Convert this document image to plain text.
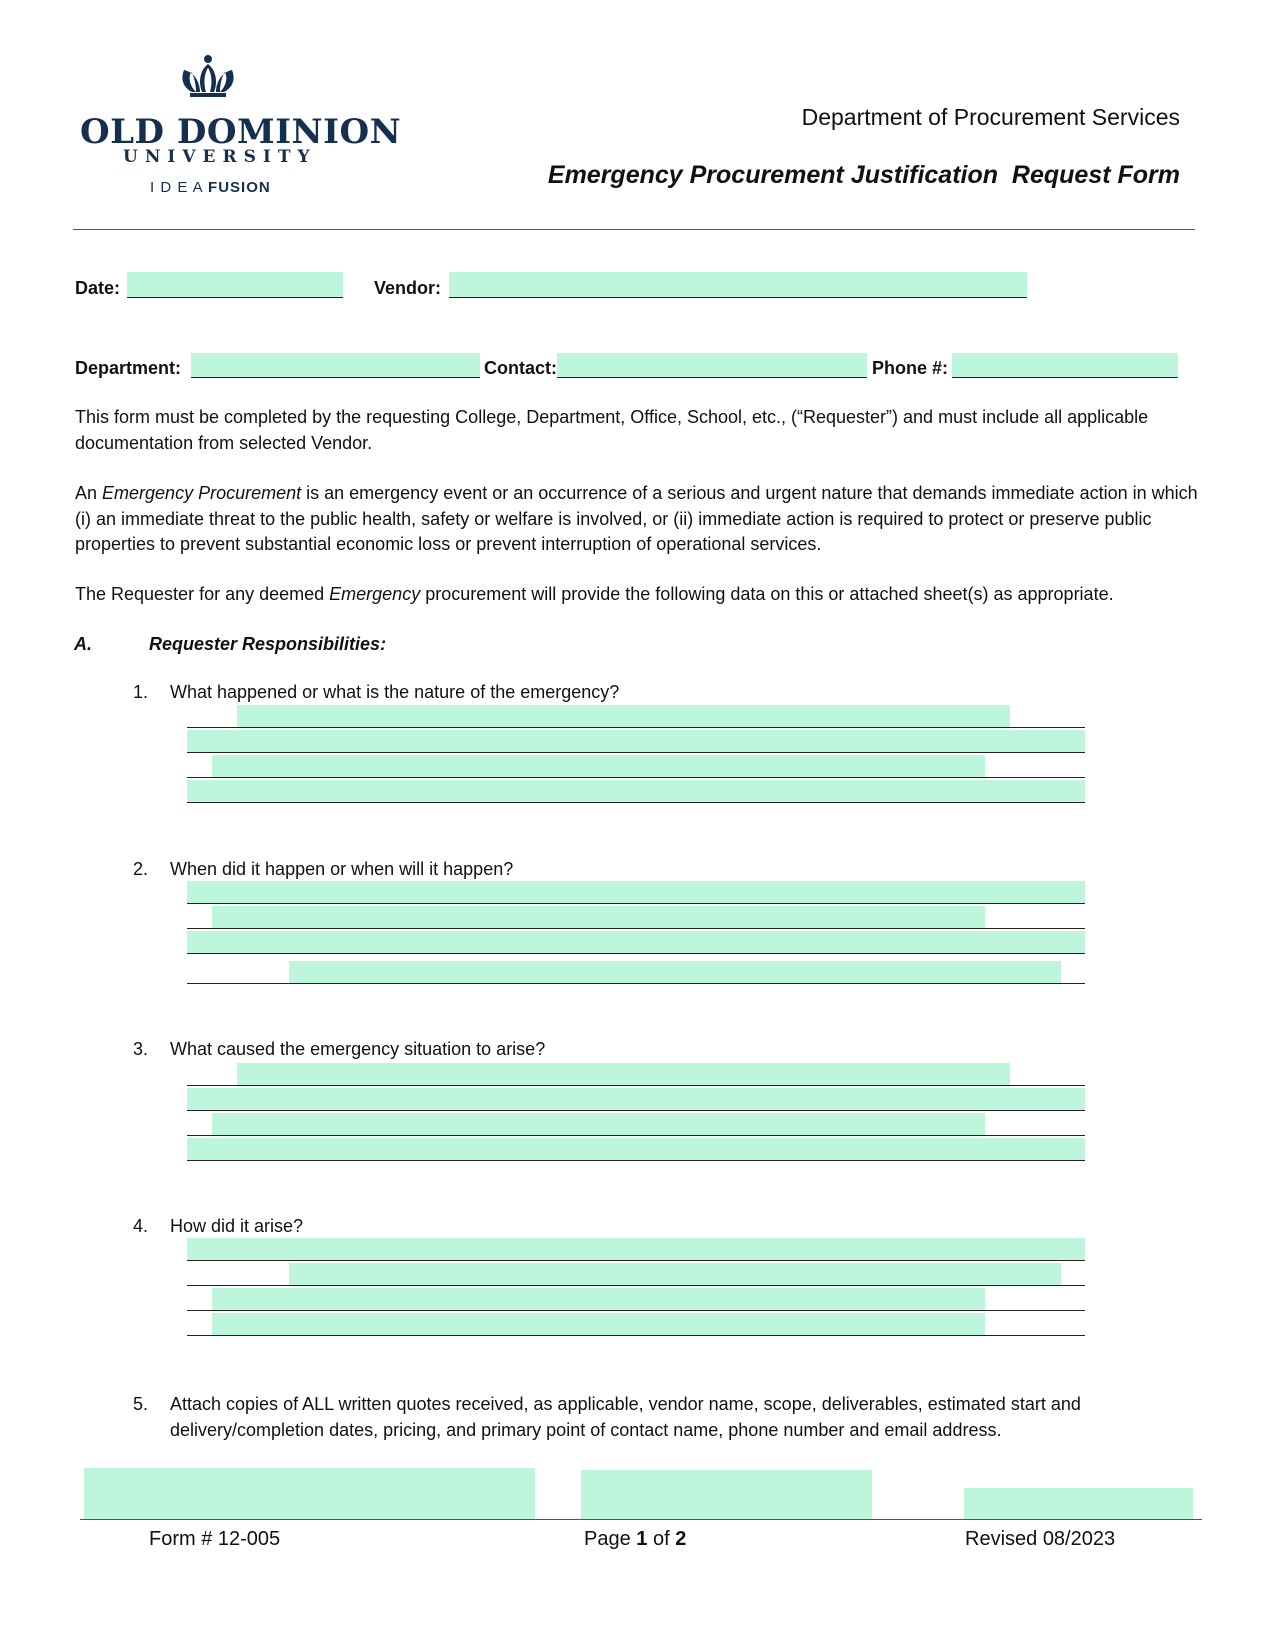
OLD DOMINION
UNIVERSITY
I D E A FUSION
Department of Procurement Services
Emergency Procurement Justification  Request Form
Date:	Vendor:
Department:	Contact:	Phone #:

This form must be completed by the requesting College, Department, Office, School, etc., (“Requester”) and must include all applicable documentation from selected Vendor.

An Emergency Procurement is an emergency event or an occurrence of a serious and urgent nature that demands immediate action in which (i) an immediate threat to the public health, safety or welfare is involved, or (ii) immediate action is required to protect or preserve public properties to prevent substantial economic loss or prevent interruption of operational services.

The Requester for any deemed Emergency procurement will provide the following data on this or attached sheet(s) as appropriate.

A.	Requester Responsibilities:
1. What happened or what is the nature of the emergency?
2. When did it happen or when will it happen?
3. What caused the emergency situation to arise?
4. How did it arise?
5. Attach copies of ALL written quotes received, as applicable, vendor name, scope, deliverables, estimated start and delivery/completion dates, pricing, and primary point of contact name, phone number and email address.
Form # 12-005	Page 1 of 2	Revised 08/2023
